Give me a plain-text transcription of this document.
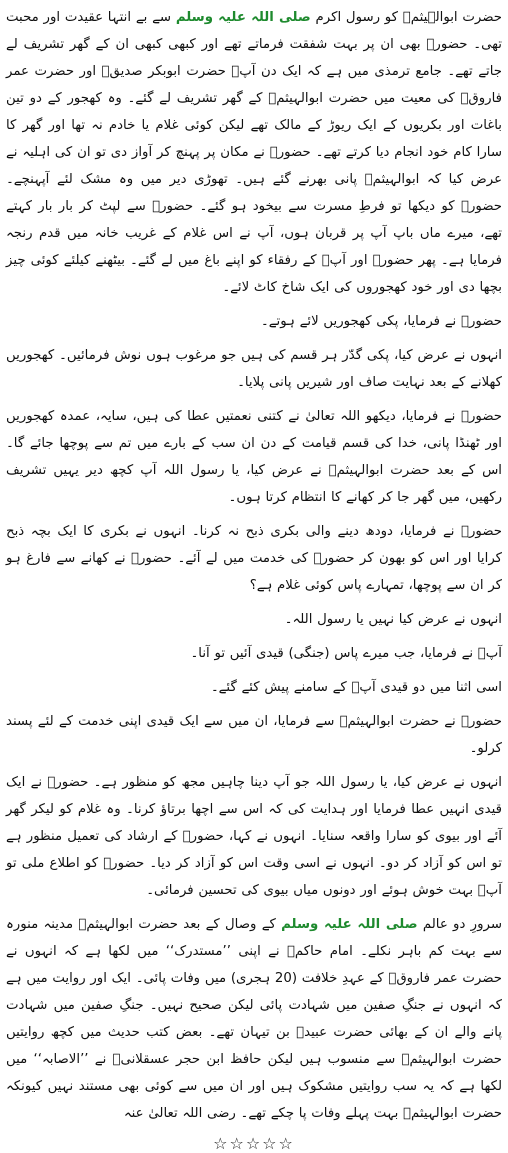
حضرت ابوالہیثمؓ کو رسول اکرم صلی اللہ علیہ وسلم سے بے انتہا عقیدت اور محبت تھی۔ حضورؐ بھی ان پر بہت شفقت فرماتے تھے اور کبھی کبھی ان کے گھر تشریف لے جاتے تھے۔ جامع ترمذی میں ہے کہ ایک دن آپؐ حضرت ابوبکر صدیقؓ اور حضرت عمر فاروقؓ کی معیت میں حضرت ابوالہیثمؓ کے گھر تشریف لے گئے۔ وہ کھجور کے دو تین باغات اور بکریوں کے ایک ریوڑ کے مالک تھے لیکن کوئی غلام یا خادم نہ تھا اور گھر کا سارا کام خود انجام دیا کرتے تھے۔ حضورؐ نے مکان پر پہنچ کر آواز دی تو ان کی اہلیہ نے عرض کیا کہ ابوالہیثمؓ پانی بھرنے گئے ہیں۔ تھوڑی دیر میں وہ مشک لئے آپہنچے۔ حضورؐ کو دیکھا تو فرطِ مسرت سے بیخود ہو گئے۔ حضورؐ سے لپٹ کر بار بار کہتے تھے، میرے ماں باپ آپ پر قربان ہوں، آپ نے اس غلام کے غریب خانہ میں قدم رنجہ فرمایا ہے۔ پھر حضورؐ اور آپؐ کے رفقاء کو اپنے باغ میں لے گئے۔ بیٹھنے کیلئے کوئی چیز بچھا دی اور خود کھجوروں کی ایک شاخ کاٹ لائے۔

حضورؐ نے فرمایا، پکی کھجوریں لائے ہوتے۔

انہوں نے عرض کیا، پکی گدّر ہر قسم کی ہیں جو مرغوب ہوں نوش فرمائیں۔ کھجوریں کھلانے کے بعد نہایت صاف اور شیریں پانی پلایا۔

حضورؐ نے فرمایا، دیکھو اللہ تعالیٰ نے کتنی نعمتیں عطا کی ہیں، سایہ، عمدہ کھجوریں اور ٹھنڈا پانی، خدا کی قسم قیامت کے دن ان سب کے بارے میں تم سے پوچھا جائے گا۔ اس کے بعد حضرت ابوالہیثمؓ نے عرض کیا، یا رسول اللہ آپ کچھ دیر یہیں تشریف رکھیں، میں گھر جا کر کھانے کا انتظام کرتا ہوں۔

حضورؐ نے فرمایا، دودھ دینے والی بکری ذبح نہ کرنا۔ انہوں نے بکری کا ایک بچہ ذبح کرایا اور اس کو بھون کر حضورؐ کی خدمت میں لے آئے۔ حضورؐ نے کھانے سے فارغ ہو کر ان سے پوچھا، تمہارے پاس کوئی غلام ہے؟

انہوں نے عرض کیا نہیں یا رسول اللہ۔

آپؐ نے فرمایا، جب میرے پاس (جنگی) قیدی آئیں تو آنا۔

اسی اثنا میں دو قیدی آپؐ کے سامنے پیش کئے گئے۔

حضورؐ نے حضرت ابوالہیثمؓ سے فرمایا، ان میں سے ایک قیدی اپنی خدمت کے لئے پسند کرلو۔

انہوں نے عرض کیا، یا رسول اللہ جو آپ دینا چاہیں مجھ کو منظور ہے۔ حضورؐ نے ایک قیدی انہیں عطا فرمایا اور ہدایت کی کہ اس سے اچھا برتاؤ کرنا۔ وہ غلام کو لیکر گھر آئے اور بیوی کو سارا واقعہ سنایا۔ انہوں نے کہا، حضورؐ کے ارشاد کی تعمیل منظور ہے تو اس کو آزاد کر دو۔ انہوں نے اسی وقت اس کو آزاد کر دیا۔ حضورؐ کو اطلاع ملی تو آپؐ بہت خوش ہوئے اور دونوں میاں بیوی کی تحسین فرمائی۔

سرورِ دو عالم صلی اللہ علیہ وسلم کے وصال کے بعد حضرت ابوالہیثمؓ مدینہ منورہ سے بہت کم باہر نکلے۔ امام حاکمؒ نے اپنی ’’مستدرک‘‘ میں لکھا ہے کہ انہوں نے حضرت عمر فاروقؓ کے عہدِ خلافت (20 ہجری) میں وفات پائی۔ ایک اور روایت میں ہے کہ انہوں نے جنگِ صفین میں شہادت پائی لیکن صحیح نہیں۔ جنگِ صفین میں شہادت پانے والے ان کے بھائی حضرت عبیدؓ بن تیہان تھے۔ بعض کتب حدیث میں کچھ روایتیں حضرت ابوالہیثمؓ سے منسوب ہیں لیکن حافظ ابن حجر عسقلانیؒ نے ’’الاصابہ‘‘ میں لکھا ہے کہ یہ سب روایتیں مشکوک ہیں اور ان میں سے کوئی بھی مستند نہیں کیونکہ حضرت ابوالہیثمؓ بہت پہلے وفات پا چکے تھے۔ رضی اللہ تعالیٰ عنہ

☆☆☆☆☆
